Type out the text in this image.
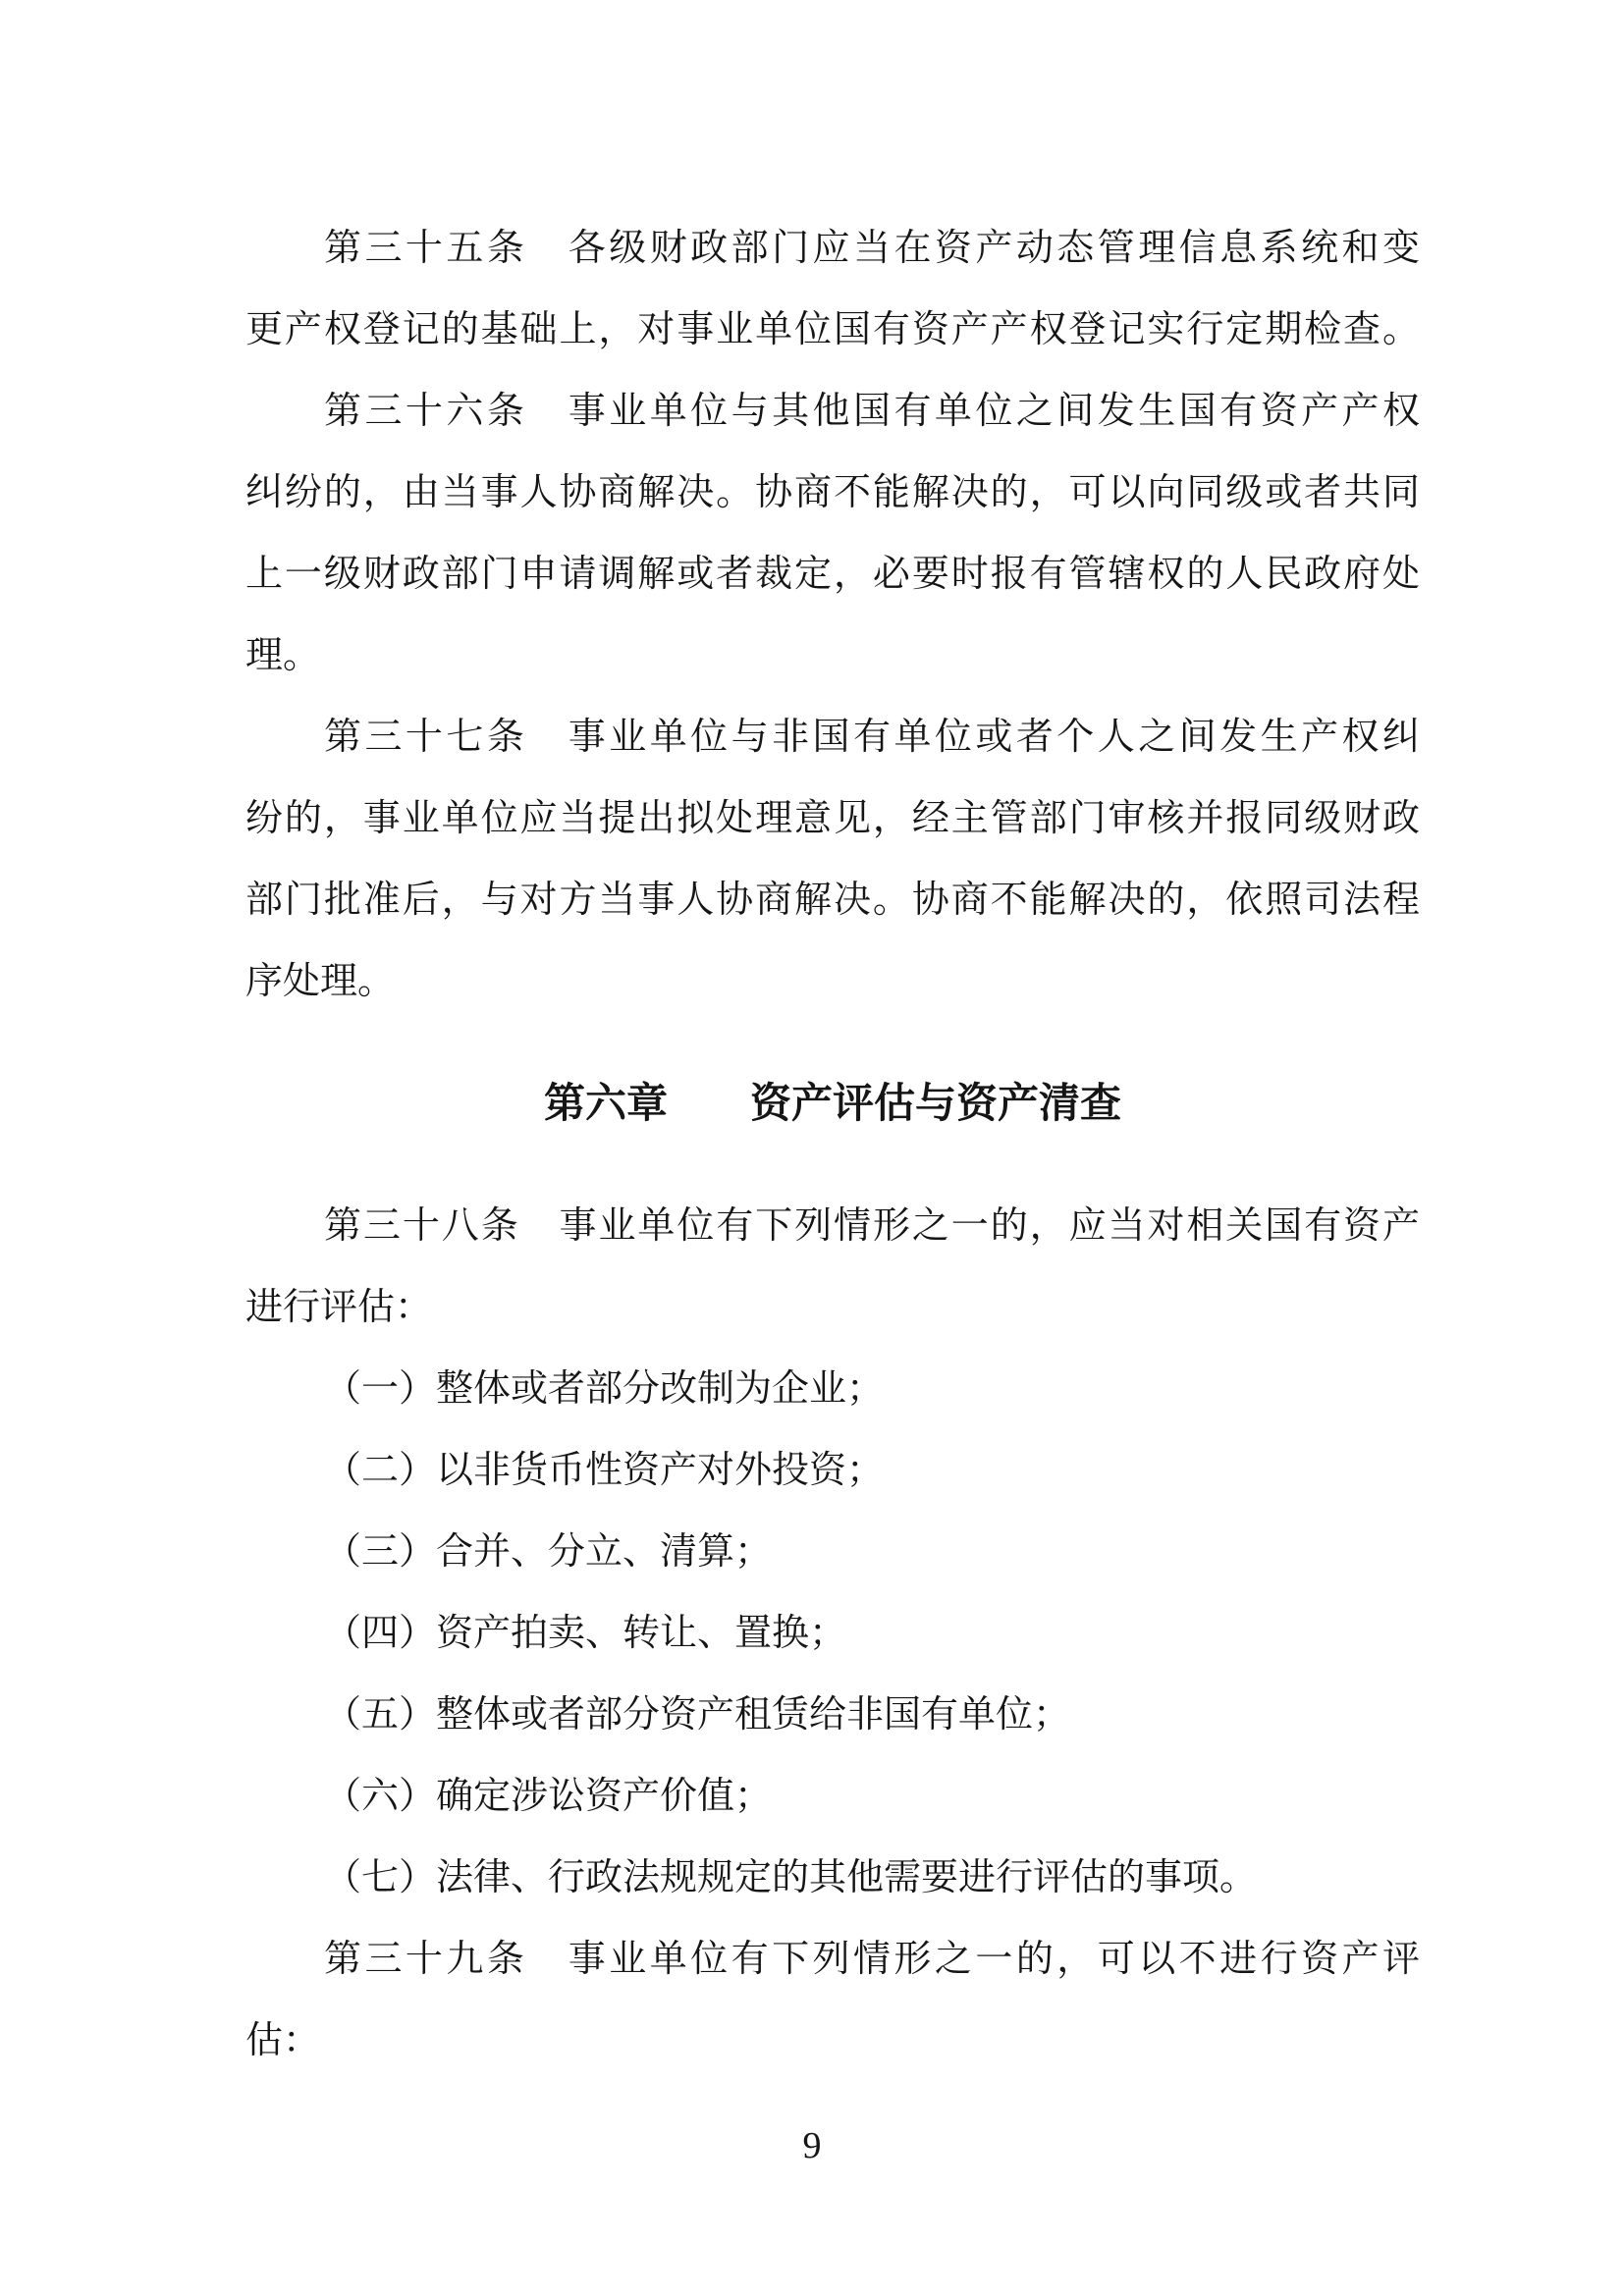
第三十五条　各级财政部门应当在资产动态管理信息系统和变
更产权登记的基础上，对事业单位国有资产产权登记实行定期检查。
第三十六条　事业单位与其他国有单位之间发生国有资产产权
纠纷的，由当事人协商解决。协商不能解决的，可以向同级或者共同
上一级财政部门申请调解或者裁定，必要时报有管辖权的人民政府处
理。
第三十七条　事业单位与非国有单位或者个人之间发生产权纠
纷的，事业单位应当提出拟处理意见，经主管部门审核并报同级财政
部门批准后，与对方当事人协商解决。协商不能解决的，依照司法程
序处理。
第六章　　资产评估与资产清查
第三十八条　事业单位有下列情形之一的，应当对相关国有资产
进行评估：
（一）整体或者部分改制为企业；
（二）以非货币性资产对外投资；
（三）合并、分立、清算；
（四）资产拍卖、转让、置换；
（五）整体或者部分资产租赁给非国有单位；
（六）确定涉讼资产价值；
（七）法律、行政法规规定的其他需要进行评估的事项。
第三十九条　事业单位有下列情形之一的，可以不进行资产评
估：
9
